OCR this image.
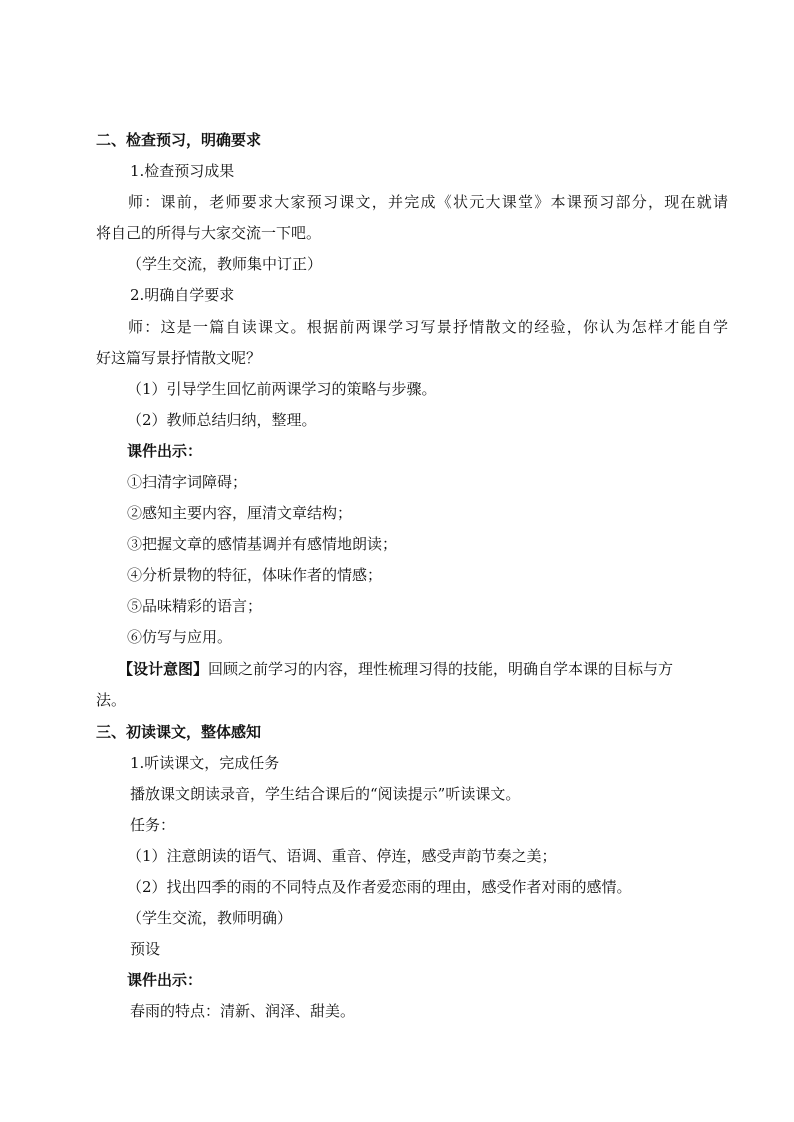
二、检查预习，明确要求
1.检查预习成果
师：课前，老师要求大家预习课文，并完成《状元大课堂》本课预习部分，现在就请
将自己的所得与大家交流一下吧。
（学生交流，教师集中订正）
2.明确自学要求
师：这是一篇自读课文。根据前两课学习写景抒情散文的经验，你认为怎样才能自学
好这篇写景抒情散文呢？
（1）引导学生回忆前两课学习的策略与步骤。
（2）教师总结归纳，整理。
课件出示：
①扫清字词障碍；
②感知主要内容，厘清文章结构；
③把握文章的感情基调并有感情地朗读；
④分析景物的特征，体味作者的情感；
⑤品味精彩的语言；
⑥仿写与应用。
【设计意图】回顾之前学习的内容，理性梳理习得的技能，明确自学本课的目标与方
法。
三、初读课文，整体感知
1.听读课文，完成任务
播放课文朗读录音，学生结合课后的“阅读提示”听读课文。
任务：
（1）注意朗读的语气、语调、重音、停连，感受声韵节奏之美；
（2）找出四季的雨的不同特点及作者爱恋雨的理由，感受作者对雨的感情。
（学生交流，教师明确）
预设
课件出示：
春雨的特点：清新、润泽、甜美。
